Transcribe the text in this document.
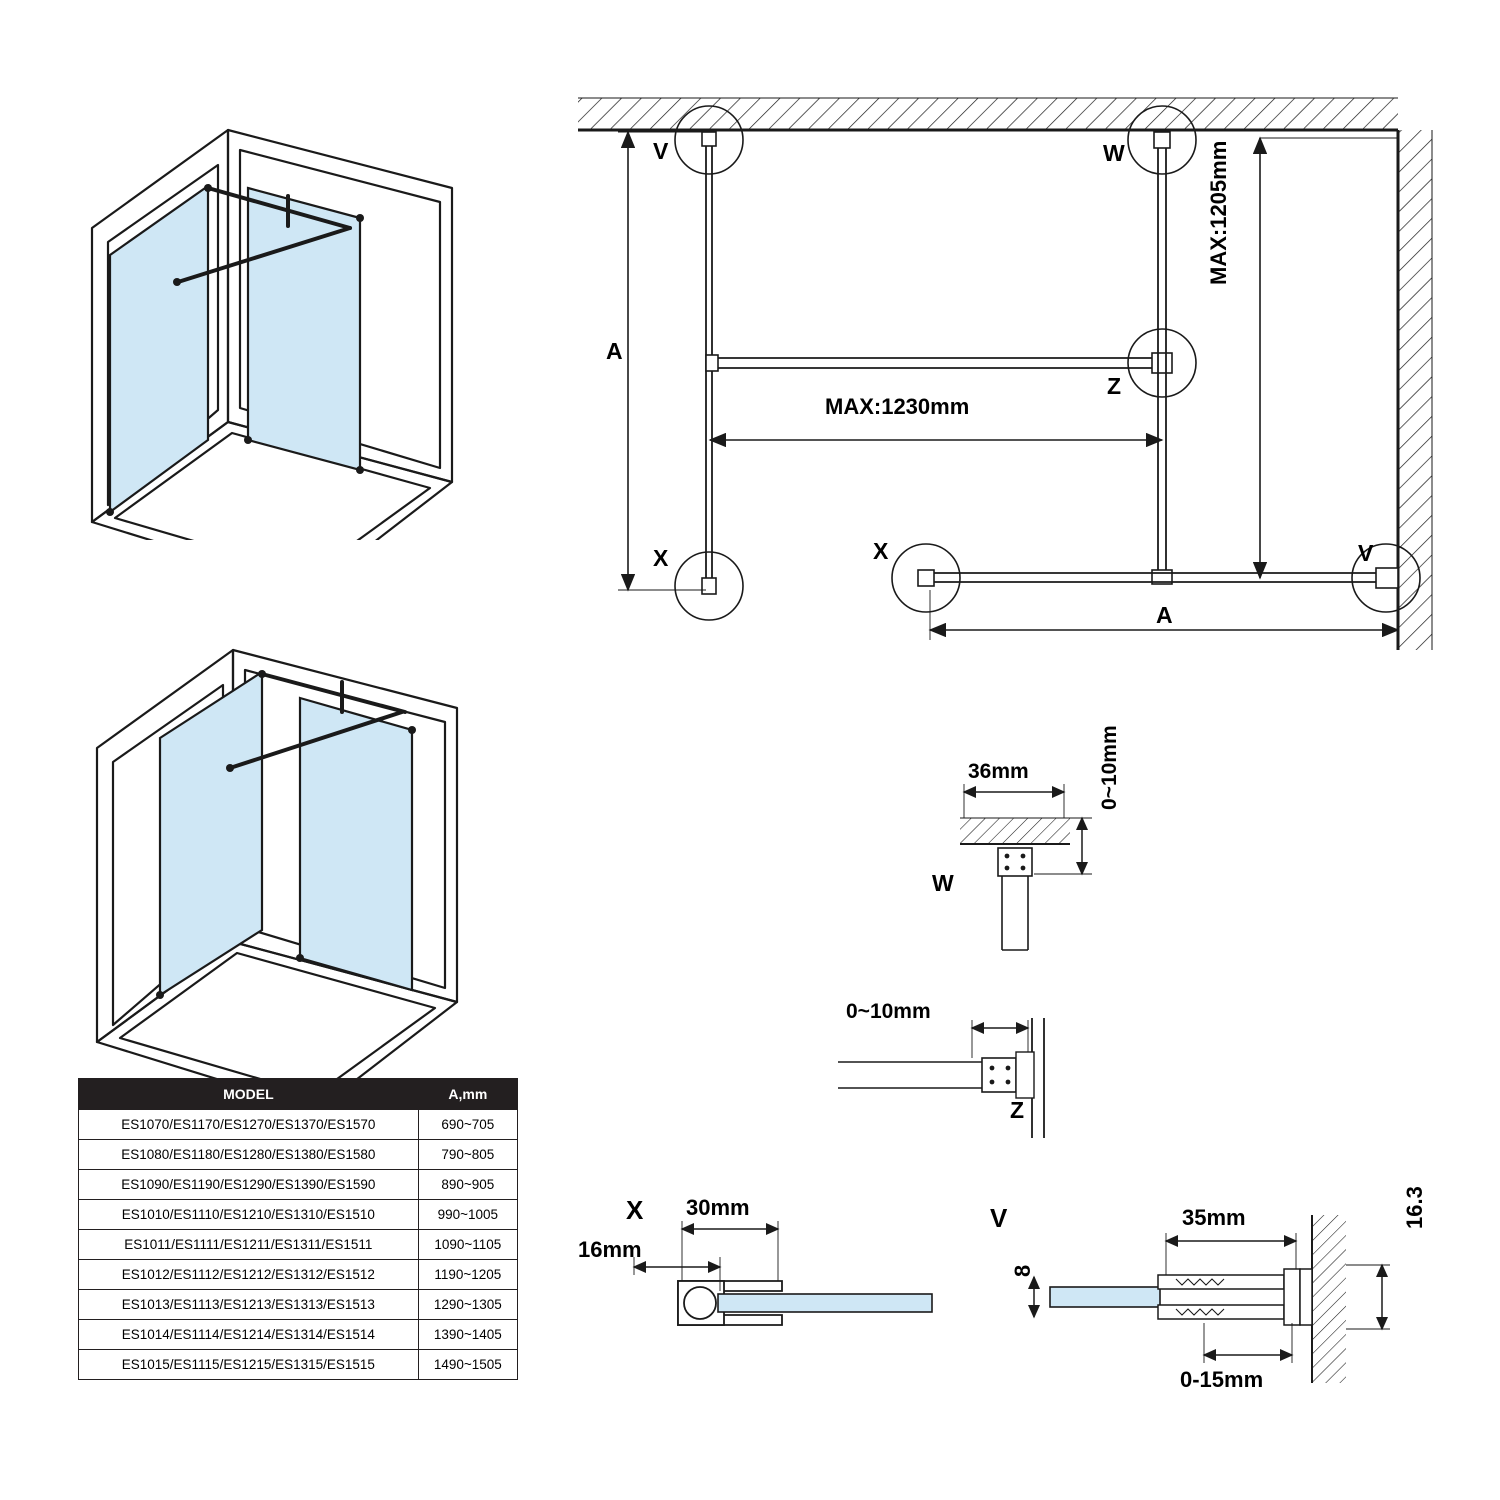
MODEL	A,mm
ES1070/ES1170/ES1270/ES1370/ES1570	690~705
ES1080/ES1180/ES1280/ES1380/ES1580	790~805
ES1090/ES1190/ES1290/ES1390/ES1590	890~905
ES1010/ES1110/ES1210/ES1310/ES1510	990~1005
ES1011/ES1111/ES1211/ES1311/ES1511	1090~1105
ES1012/ES1112/ES1212/ES1312/ES1512	1190~1205
ES1013/ES1113/ES1213/ES1313/ES1513	1290~1305
ES1014/ES1114/ES1214/ES1314/ES1514	1390~1405
ES1015/ES1115/ES1215/ES1315/ES1515	1490~1505
V	W
Z
X	X	V
A
MAX:1230mm
MAX:1205mm
A
W
36mm	0~10mm
Z
0~10mm
X 30mm
16mm
V	35mm	16.3
8
0-15mm
